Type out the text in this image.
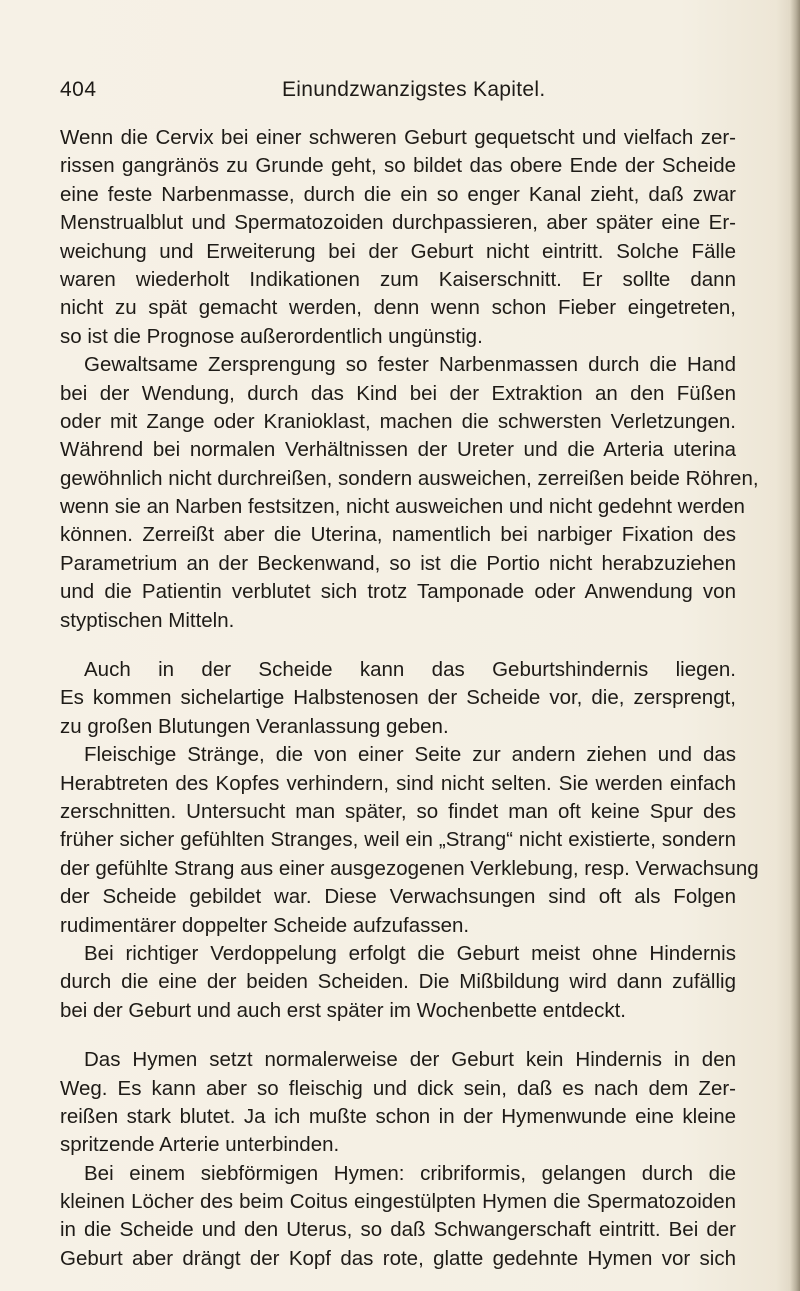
404	Einundzwanzigstes Kapitel.
Wenn die Cervix bei einer schweren Geburt gequetscht und vielfach zer-
rissen gangränös zu Grunde geht, so bildet das obere Ende der Scheide
eine feste Narbenmasse, durch die ein so enger Kanal zieht, daß zwar
Menstrualblut und Spermatozoiden durchpassieren, aber später eine Er-
weichung und Erweiterung bei der Geburt nicht eintritt. Solche Fälle
waren wiederholt Indikationen zum Kaiserschnitt. Er sollte dann
nicht zu spät gemacht werden, denn wenn schon Fieber eingetreten,
so ist die Prognose außerordentlich ungünstig.
Gewaltsame Zersprengung so fester Narbenmassen durch die Hand
bei der Wendung, durch das Kind bei der Extraktion an den Füßen
oder mit Zange oder Kranioklast, machen die schwersten Verletzungen.
Während bei normalen Verhältnissen der Ureter und die Arteria uterina
gewöhnlich nicht durchreißen, sondern ausweichen, zerreißen beide Röhren,
wenn sie an Narben festsitzen, nicht ausweichen und nicht gedehnt werden
können. Zerreißt aber die Uterina, namentlich bei narbiger Fixation des
Parametrium an der Beckenwand, so ist die Portio nicht herabzuziehen
und die Patientin verblutet sich trotz Tamponade oder Anwendung von
styptischen Mitteln.
Auch in der Scheide kann das Geburtshindernis liegen.
Es kommen sichelartige Halbstenosen der Scheide vor, die, zersprengt,
zu großen Blutungen Veranlassung geben.
Fleischige Stränge, die von einer Seite zur andern ziehen und das
Herabtreten des Kopfes verhindern, sind nicht selten. Sie werden einfach
zerschnitten. Untersucht man später, so findet man oft keine Spur des
früher sicher gefühlten Stranges, weil ein „Strang“ nicht existierte, sondern
der gefühlte Strang aus einer ausgezogenen Verklebung, resp. Verwachsung
der Scheide gebildet war. Diese Verwachsungen sind oft als Folgen
rudimentärer doppelter Scheide aufzufassen.
Bei richtiger Verdoppelung erfolgt die Geburt meist ohne Hindernis
durch die eine der beiden Scheiden. Die Mißbildung wird dann zufällig
bei der Geburt und auch erst später im Wochenbette entdeckt.
Das Hymen setzt normalerweise der Geburt kein Hindernis in den
Weg. Es kann aber so fleischig und dick sein, daß es nach dem Zer-
reißen stark blutet. Ja ich mußte schon in der Hymenwunde eine kleine
spritzende Arterie unterbinden.
Bei einem siebförmigen Hymen: cribriformis, gelangen durch die
kleinen Löcher des beim Coitus eingestülpten Hymen die Spermatozoiden
in die Scheide und den Uterus, so daß Schwangerschaft eintritt. Bei der
Geburt aber drängt der Kopf das rote, glatte gedehnte Hymen vor sich
